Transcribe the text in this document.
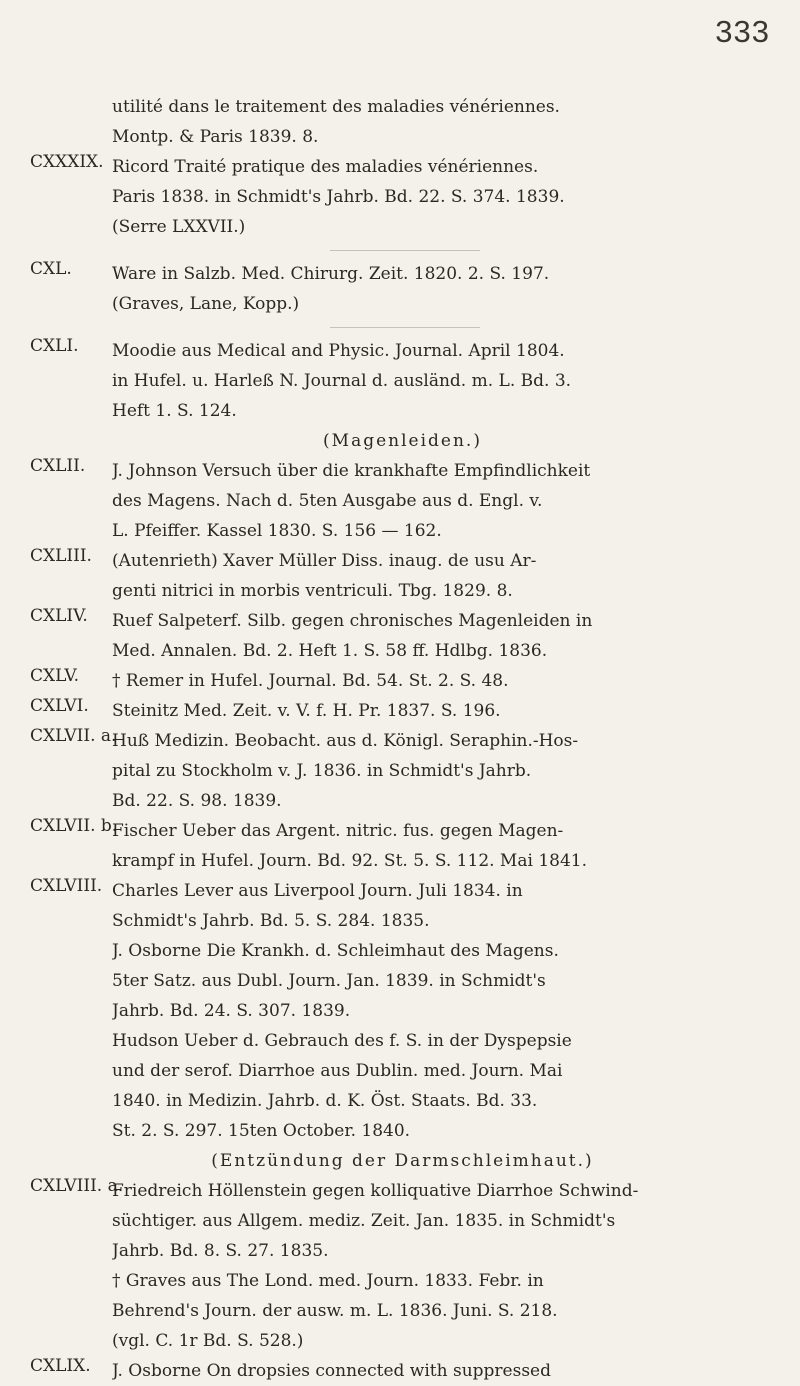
333
utilité dans le traitement des maladies vénériennes.
Montp. & Paris 1839. 8.
CXXXIX. Ricord Traité pratique des maladies vénériennes.
Paris 1838. in Schmidt's Jahrb. Bd. 22. S. 374. 1839.
(Serre LXXVII.)
CXL.	Ware in Salzb. Med. Chirurg. Zeit. 1820. 2. S. 197.
(Graves, Lane, Kopp.)
CXLI.	Moodie aus Medical and Physic. Journal. April 1804.
in Hufel. u. Harleß N. Journal d. ausländ. m. L. Bd. 3.
Heft 1. S. 124.
(Magenleiden.)
CXLII.	J. Johnson Versuch über die krankhafte Empfindlichkeit
des Magens. Nach d. 5ten Ausgabe aus d. Engl. v.
L. Pfeiffer. Kassel 1830. S. 156 — 162.
CXLIII.	(Autenrieth) Xaver Müller Diss. inaug. de usu Ar-
genti nitrici in morbis ventriculi. Tbg. 1829. 8.
CXLIV.	Ruef Salpeterf. Silb. gegen chronisches Magenleiden in
Med. Annalen. Bd. 2. Heft 1. S. 58 ff. Hdlbg. 1836.
CXLV.	† Remer in Hufel. Journal. Bd. 54. St. 2. S. 48.
CXLVI.	Steinitz Med. Zeit. v. V. f. H. Pr. 1837. S. 196.
CXLVII. a.
Huß Medizin. Beobacht. aus d. Königl. Seraphin.-Hos-
pital zu Stockholm v. J. 1836. in Schmidt's Jahrb.
Bd. 22. S. 98. 1839.
CXLVII. b.
Fischer Ueber das Argent. nitric. fus. gegen Magen-
krampf in Hufel. Journ. Bd. 92. St. 5. S. 112. Mai 1841.
CXLVIII. Charles Lever aus Liverpool Journ. Juli 1834. in
Schmidt's Jahrb. Bd. 5. S. 284. 1835.
J. Osborne Die Krankh. d. Schleimhaut des Magens.
5ter Satz. aus Dubl. Journ. Jan. 1839. in Schmidt's
Jahrb. Bd. 24. S. 307. 1839.
Hudson Ueber d. Gebrauch des f. S. in der Dyspepsie
und der serof. Diarrhoe aus Dublin. med. Journ. Mai
1840. in Medizin. Jahrb. d. K. Öst. Staats. Bd. 33.
St. 2. S. 297. 15ten October. 1840.
(Entzündung der Darmschleimhaut.)
CXLVIII. a.
Friedreich Höllenstein gegen kolliquative Diarrhoe Schwind-
süchtiger. aus Allgem. mediz. Zeit. Jan. 1835. in Schmidt's
Jahrb. Bd. 8. S. 27. 1835.
† Graves aus The Lond. med. Journ. 1833. Febr. in
Behrend's Journ. der ausw. m. L. 1836. Juni. S. 218.
(vgl. C. 1r Bd. S. 528.)
CXLIX.	J. Osborne On dropsies connected with suppressed
